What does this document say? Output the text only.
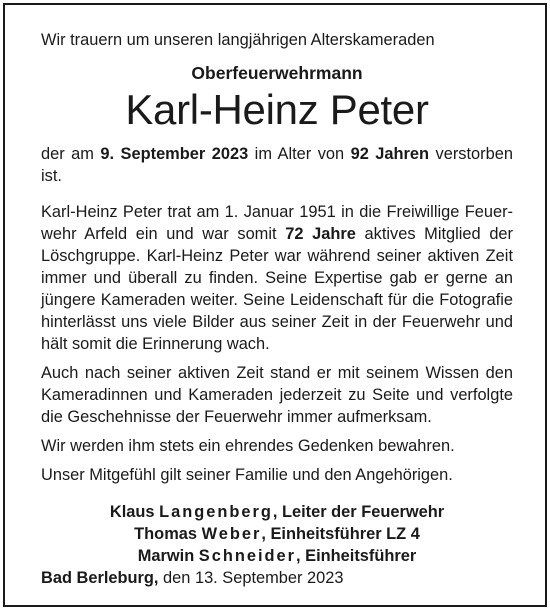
Wir trauern um unseren langjährigen Alterskameraden

Oberfeuerwehrmann

Karl-Heinz Peter

der am 9. September 2023 im Alter von 92 Jahren verstorben ist.

Karl-Heinz Peter trat am 1. Januar 1951 in die Freiwillige Feuerwehr Arfeld ein und war somit 72 Jahre aktives Mitglied der Löschgruppe. Karl-Heinz Peter war während seiner aktiven Zeit immer und überall zu finden. Seine Expertise gab er gerne an jüngere Kameraden weiter. Seine Leidenschaft für die Fotografie hinterlässt uns viele Bilder aus seiner Zeit in der Feuerwehr und hält somit die Erinnerung wach.

Auch nach seiner aktiven Zeit stand er mit seinem Wissen den Kameradinnen und Kameraden jederzeit zu Seite und verfolgte die Geschehnisse der Feuerwehr immer aufmerksam.

Wir werden ihm stets ein ehrendes Gedenken bewahren.

Unser Mitgefühl gilt seiner Familie und den Angehörigen.

Klaus Langenberg, Leiter der Feuerwehr
Thomas Weber, Einheitsführer LZ 4
Marwin Schneider, Einheitsführer

Bad Berleburg, den 13. September 2023
